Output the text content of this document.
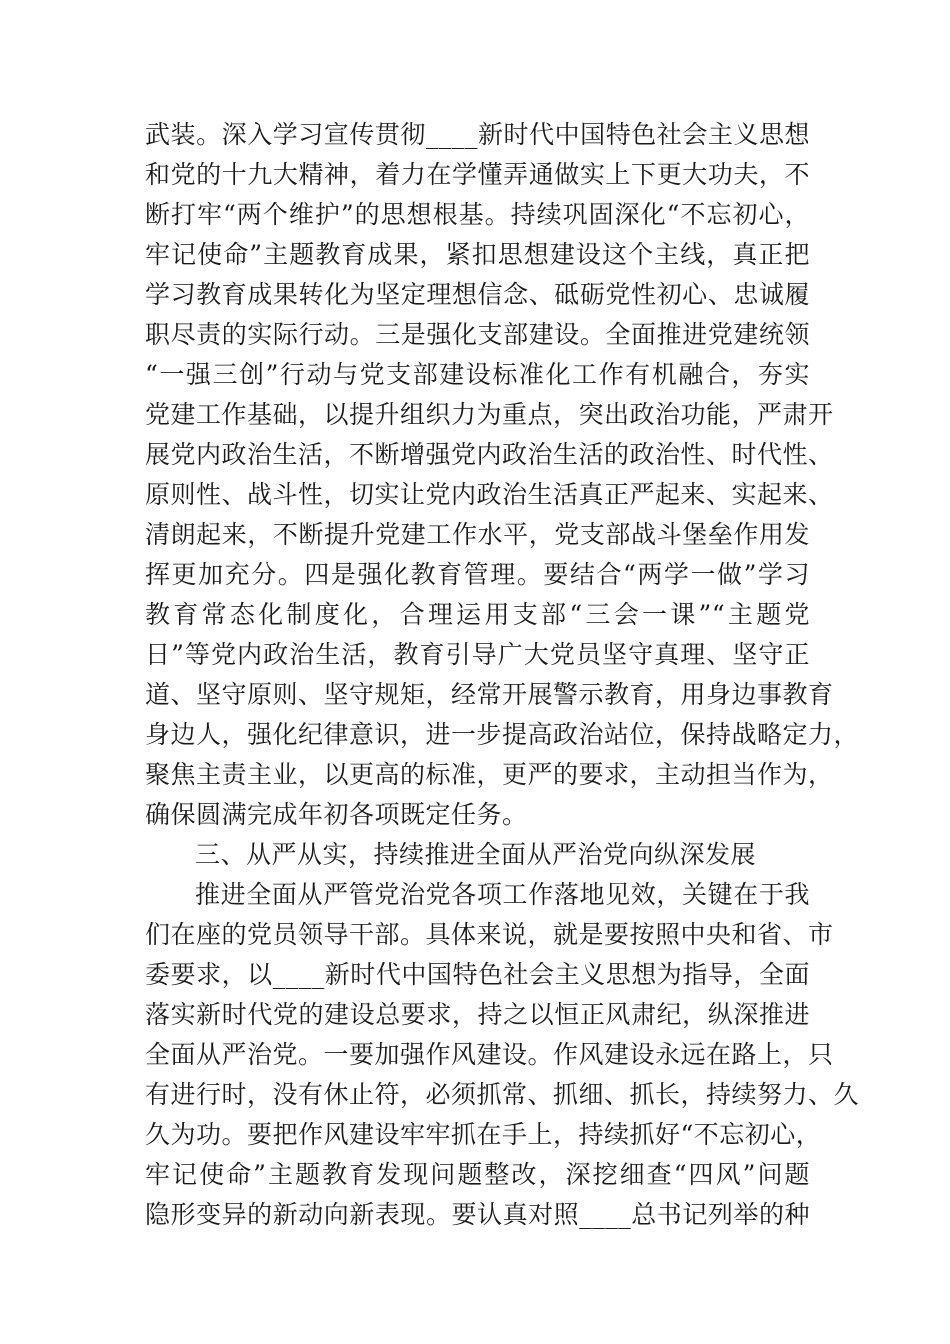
武装。深入学习宣传贯彻____新时代中国特色社会主义思想
和党的十九大精神，着力在学懂弄通做实上下更大功夫，不
断打牢“两个维护”的思想根基。持续巩固深化“不忘初心，
牢记使命”主题教育成果，紧扣思想建设这个主线，真正把
学习教育成果转化为坚定理想信念、砥砺党性初心、忠诚履
职尽责的实际行动。三是强化支部建设。全面推进党建统领
“一强三创”行动与党支部建设标准化工作有机融合，夯实
党建工作基础，以提升组织力为重点，突出政治功能，严肃开
展党内政治生活，不断增强党内政治生活的政治性、时代性、
原则性、战斗性，切实让党内政治生活真正严起来、实起来、
清朗起来，不断提升党建工作水平，党支部战斗堡垒作用发
挥更加充分。四是强化教育管理。要结合“两学一做”学习
教育常态化制度化，合理运用支部“三会一课”“主题党
日”等党内政治生活，教育引导广大党员坚守真理、坚守正
道、坚守原则、坚守规矩，经常开展警示教育，用身边事教育
身边人，强化纪律意识，进一步提高政治站位，保持战略定力，
聚焦主责主业，以更高的标准，更严的要求，主动担当作为，
确保圆满完成年初各项既定任务。
三、从严从实，持续推进全面从严治党向纵深发展
推进全面从严管党治党各项工作落地见效，关键在于我
们在座的党员领导干部。具体来说，就是要按照中央和省、市
委要求，以____新时代中国特色社会主义思想为指导，全面
落实新时代党的建设总要求，持之以恒正风肃纪，纵深推进
全面从严治党。一要加强作风建设。作风建设永远在路上，只
有进行时，没有休止符，必须抓常、抓细、抓长，持续努力、久
久为功。要把作风建设牢牢抓在手上，持续抓好“不忘初心，
牢记使命”主题教育发现问题整改，深挖细查“四风”问题
隐形变异的新动向新表现。要认真对照____总书记列举的种
